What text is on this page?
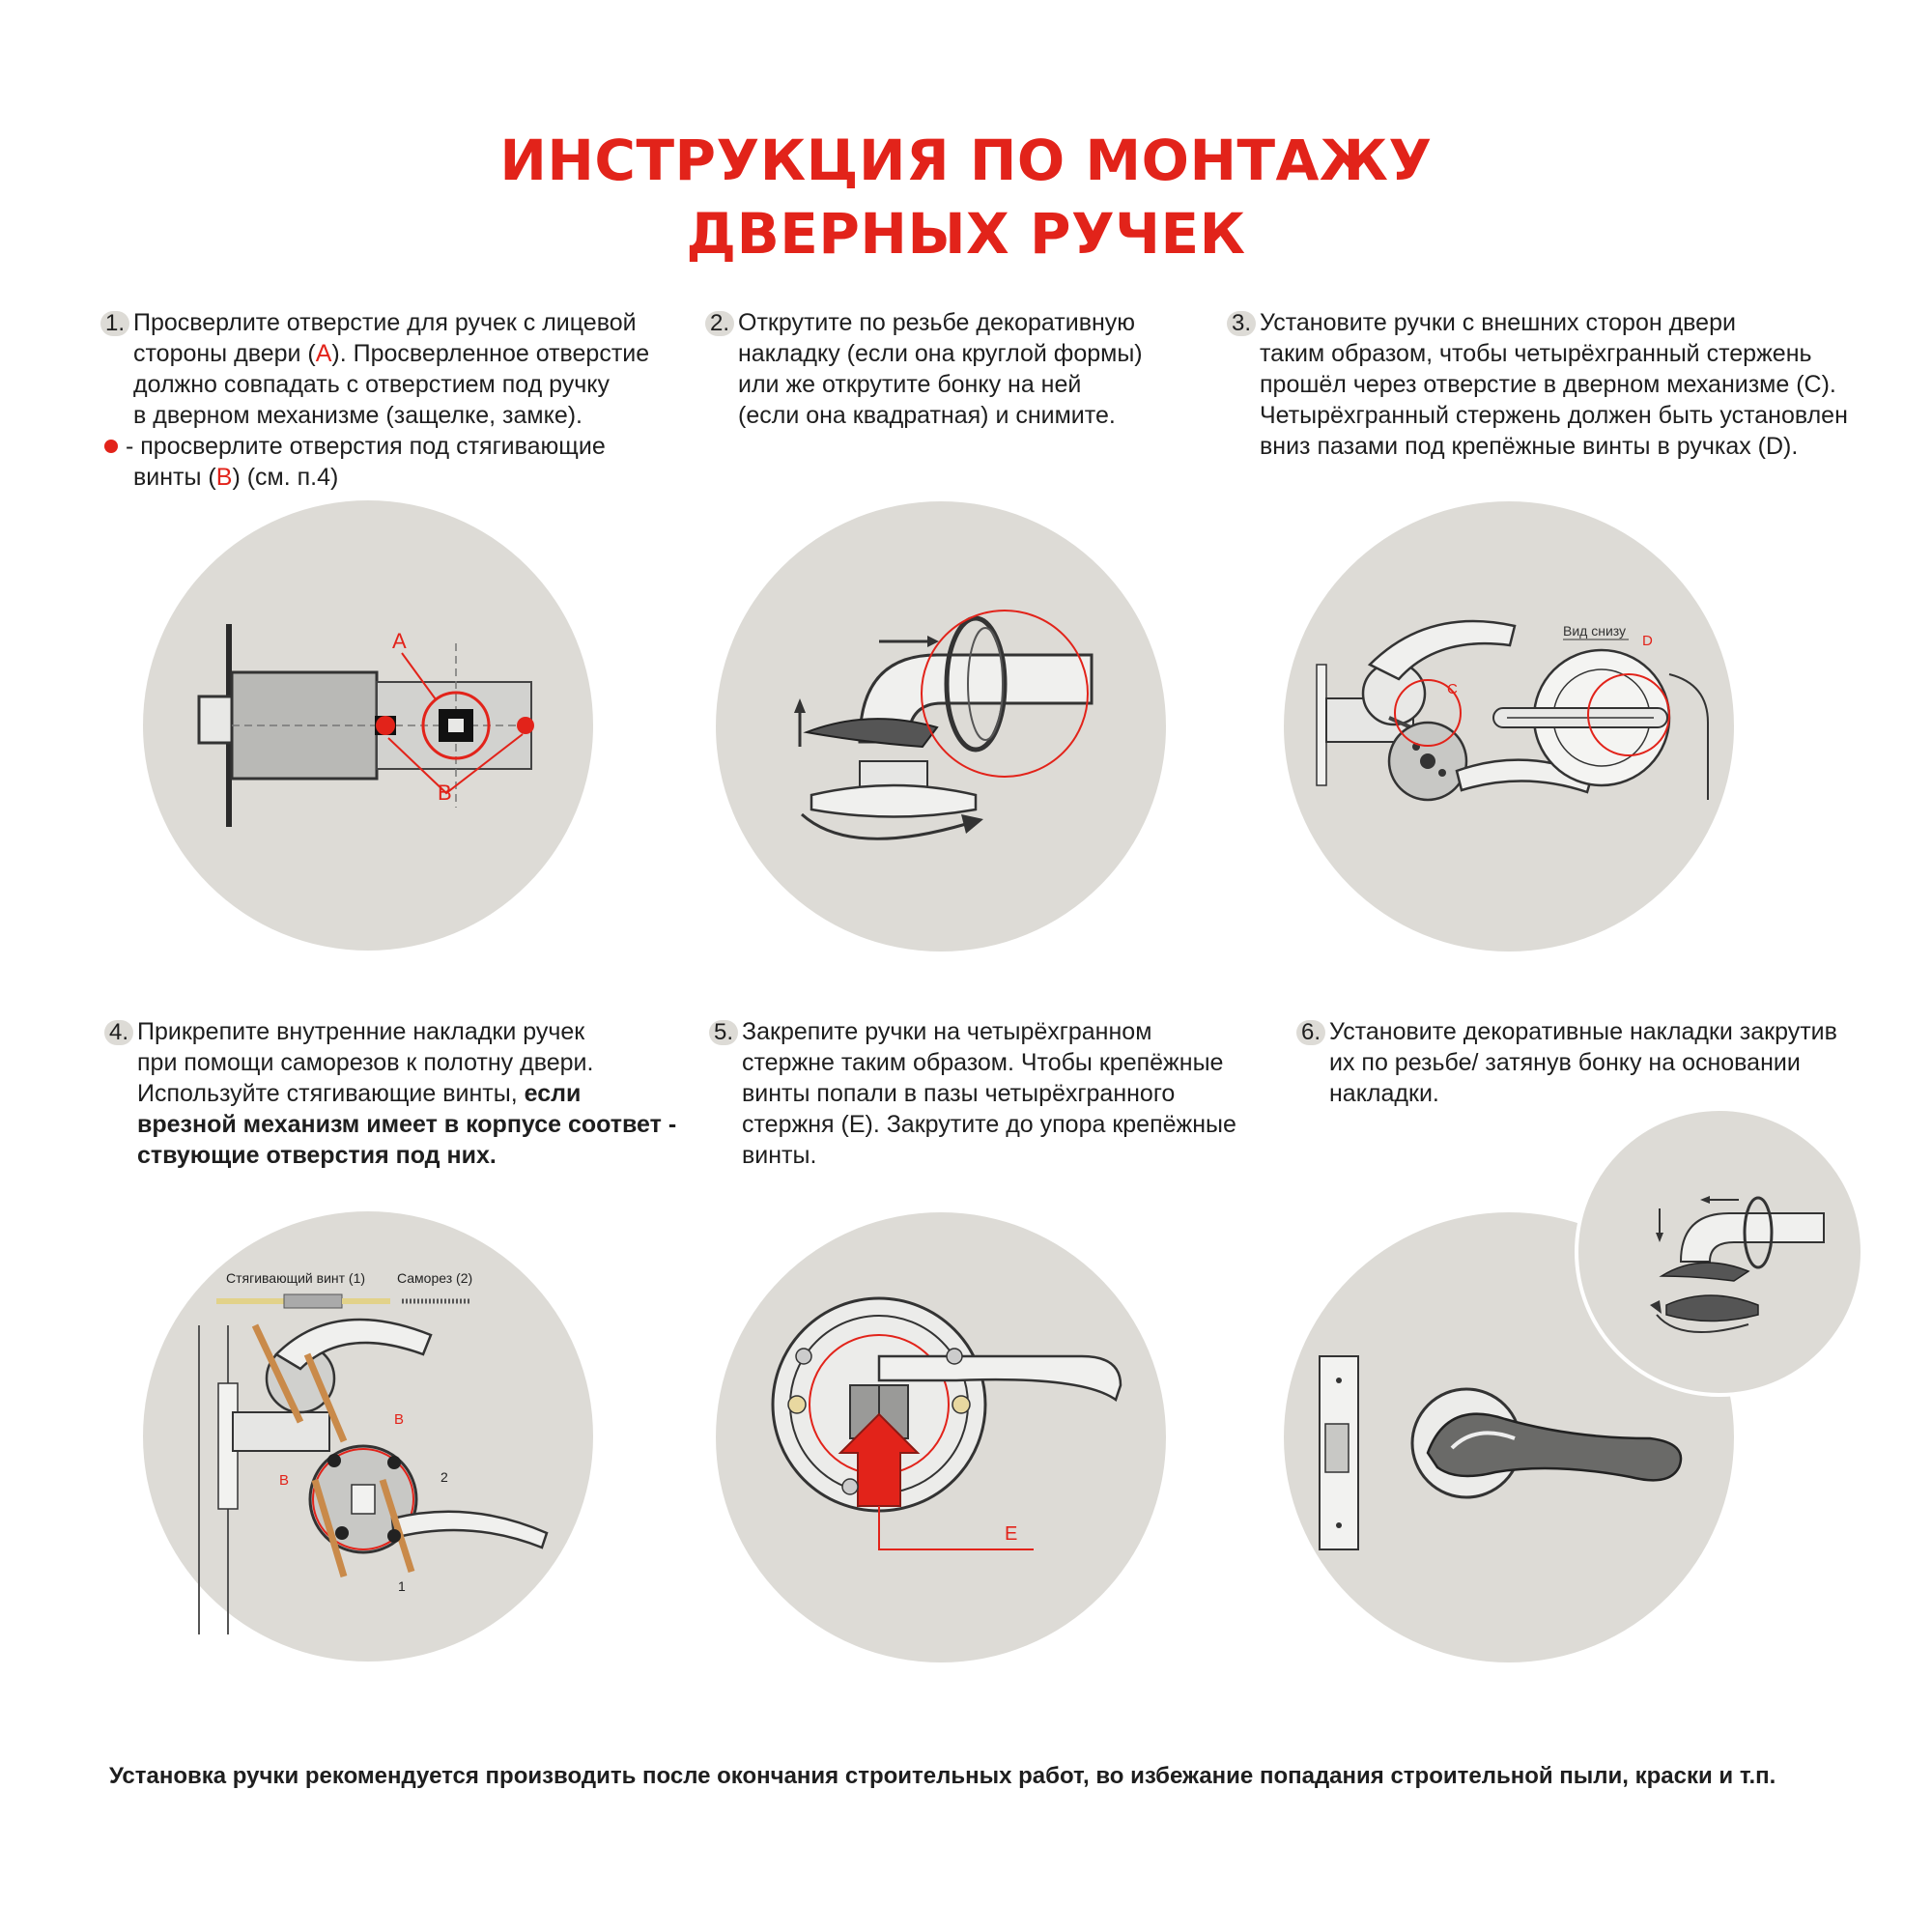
ИНСТРУКЦИЯ ПО МОНТАЖУ
ДВЕРНЫХ РУЧЕК
1. Просверлите отверстие для ручек с лицевой
стороны двери (A). Просверленное отверстие
должно совпадать с отверстием под ручку
в дверном механизме (защелке, замке).
- просверлите отверстия под стягивающие
винты (B) (см. п.4)
2. Открутите по резьбе декоративную
накладку (если она круглой формы)
или же открутите бонку на ней
(если она квадратная) и снимите.
3. Установите ручки с внешних сторон двери
таким образом, чтобы четырёхгранный стержень
прошёл через отверстие в дверном механизме (С).
Четырёхгранный стержень должен быть установлен
вниз пазами под крепёжные винты в ручках (D).
4. Прикрепите внутренние накладки ручек
при помощи саморезов к полотну двери.
Используйте стягивающие винты, если
врезной механизм имеет в корпусе соответ -
ствующие отверстия под них.
5. Закрепите ручки на четырёхгранном
стержне таким образом. Чтобы крепёжные
винты попали в пазы четырёхгранного
стержня (Е). Закрутите до упора крепёжные
винты.
6. Установите декоративные накладки закрутив
их по резьбе/ затянув бонку на основании
накладки.
A
B
Вид снизу
D
C
Стягивающий винт (1) Саморез (2)
B
B	2
1
E
Установка ручки рекомендуется производить после окончания строительных работ, во избежание попадания строительной пыли, краски и т.п.
